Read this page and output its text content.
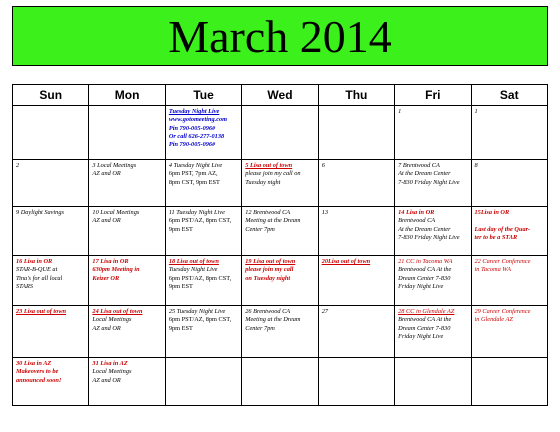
March 2014
Sun	Mon	Tue	Wed	Thu	Fri	Sat

		Tuesday Night Live
www.gotomeeting.com
Pin 790-005-096#
Or call 626-277-0138
Pin 790-005-096#			1	1

2	3 Local Meetings
AZ and OR	4 Tuesday Night Live
6pm PST, 7pm AZ,
8pm CST, 9pm EST	5 Lisa out of town
please join my call on
Tuesday night	6	7 Brentwood CA
At the Dream Center
7-830 Friday Night Live	8

9 Daylight Savings	10 Local Meetings
AZ and OR	11 Tuesday Night Live
6pm PST/AZ, 8pm CST,
9pm EST	12 Brentwood CA
Meeting at the Dream
Center 7pm	13	14 Lisa in OR
Brentwood CA
At the Dream Center
7-830 Friday Night Live	15Lisa in OR

Last day of the Quar-
ter to be a STAR

16 Lisa in OR
STAR-B-QUE at
Tina's for all local
STARS	17 Lisa in OR
630pm Meeting in
Keizer OR	18 Lisa out of town
Tuesday Night Live
6pm PST/AZ, 8pm CST,
9pm EST	19 Lisa out of town
please join my call
on Tuesday night	20Lisa out of town	21 CC in Tacoma WA
Brentwood CA At the
Dream Center 7-830
Friday Night Live	22 Career Conference
in Tacoma WA

23 Lisa out of town	24 Lisa out of town
Local Meetings
AZ and OR	25 Tuesday Night Live
6pm PST/AZ, 8pm CST,
9pm EST	26 Brentwood CA
Meeting at the Dream
Center 7pm	27	28 CC in Glendale AZ
Brentwood CA At the
Dream Center 7-830
Friday Night Live	29 Career Conference
in Glendale AZ

30 Lisa in AZ
Makeovers to be
announced soon!	31 Lisa in AZ
Local Meetings
AZ and OR					
